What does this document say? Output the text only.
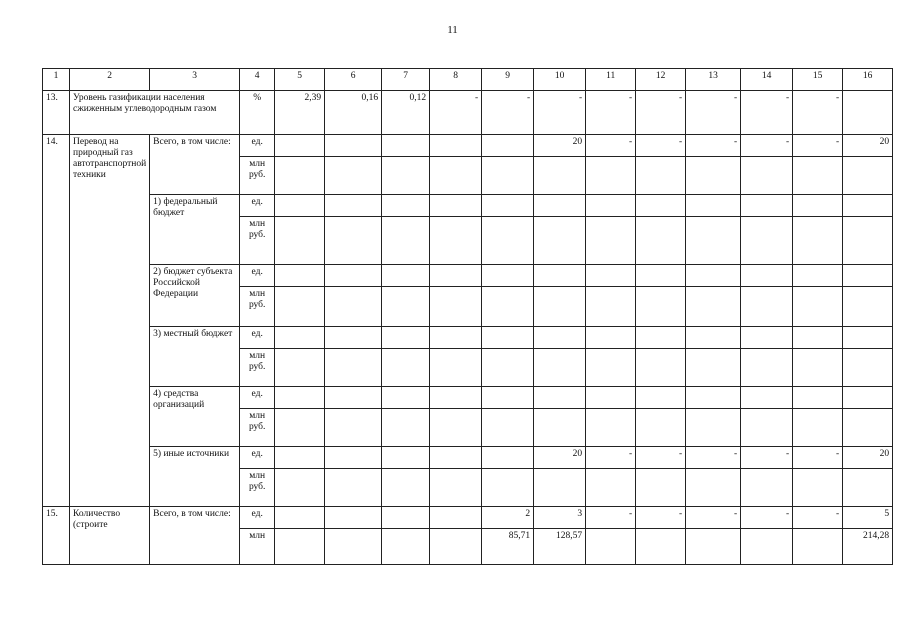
11
1	2	3	4	5	6	7	8	9	10	11	12	13	14	15	16
13.	Уровень газификации населения сжиженным углеводородным газом		%	2,39	0,16	0,12	-	-	-	-	-	-	-	-	
14.	Перевод на природный газ автотранспортной техники	Всего, в том числе:	ед.						20	-	-	-	-	-	20
			млн руб.												
		1) федеральный бюджет	ед.												
			млн руб.												
		2) бюджет субъекта Российской Федерации	ед.												
			млн руб.												
		3) местный бюджет	ед.												
			млн руб.												
		4) средства организаций	ед.												
			млн руб.												
		5) иные источники	ед.						20	-	-	-	-	-	20
			млн руб.												
15.	Количество (строите	Всего, в том числе:	ед.					2	3	-	-	-	-	-	5
			млн					85,71	128,57						214,28
